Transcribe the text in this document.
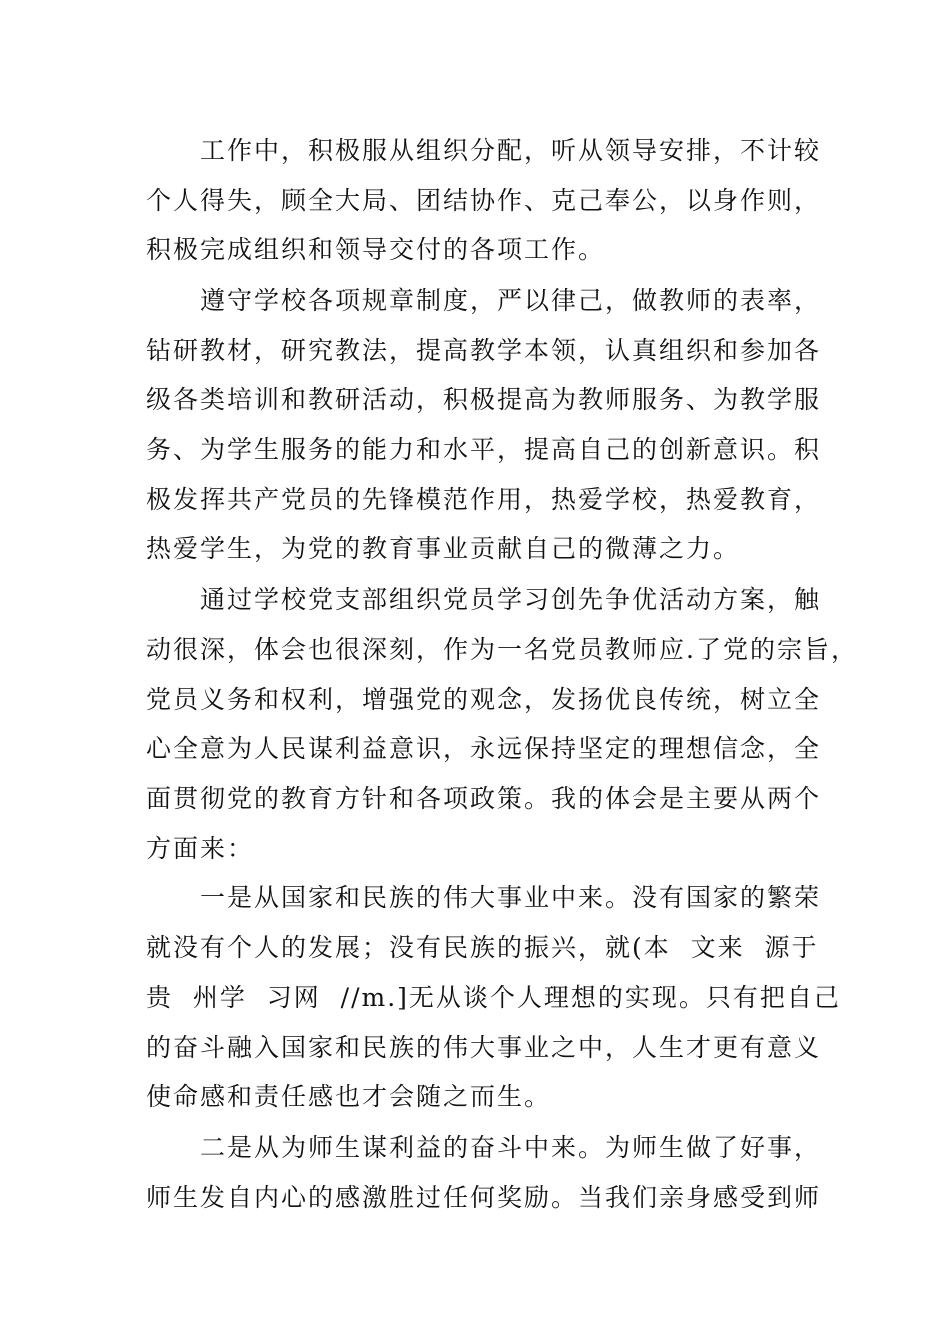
工作中，积极服从组织分配，听从领导安排，不计较
个人得失，顾全大局、团结协作、克己奉公，以身作则，
积极完成组织和领导交付的各项工作。
遵守学校各项规章制度，严以律己，做教师的表率，
钻研教材，研究教法，提高教学本领，认真组织和参加各
级各类培训和教研活动，积极提高为教师服务、为教学服
务、为学生服务的能力和水平，提高自己的创新意识。积
极发挥共产党员的先锋模范作用，热爱学校，热爱教育，
热爱学生，为党的教育事业贡献自己的微薄之力。
通过学校党支部组织党员学习创先争优活动方案，触
动很深，体会也很深刻，作为一名党员教师应.了党的宗旨，
党员义务和权利，增强党的观念，发扬优良传统，树立全
心全意为人民谋利益意识，永远保持坚定的理想信念，全
面贯彻党的教育方针和各项政策。我的体会是主要从两个
方面来：
一是从国家和民族的伟大事业中来。没有国家的繁荣
就没有个人的发展；没有民族的振兴，就(本  文来  源于
贵  州学  习网  //m.]无从谈个人理想的实现。只有把自己
的奋斗融入国家和民族的伟大事业之中，人生才更有意义
使命感和责任感也才会随之而生。
二是从为师生谋利益的奋斗中来。为师生做了好事，
师生发自内心的感激胜过任何奖励。当我们亲身感受到师
